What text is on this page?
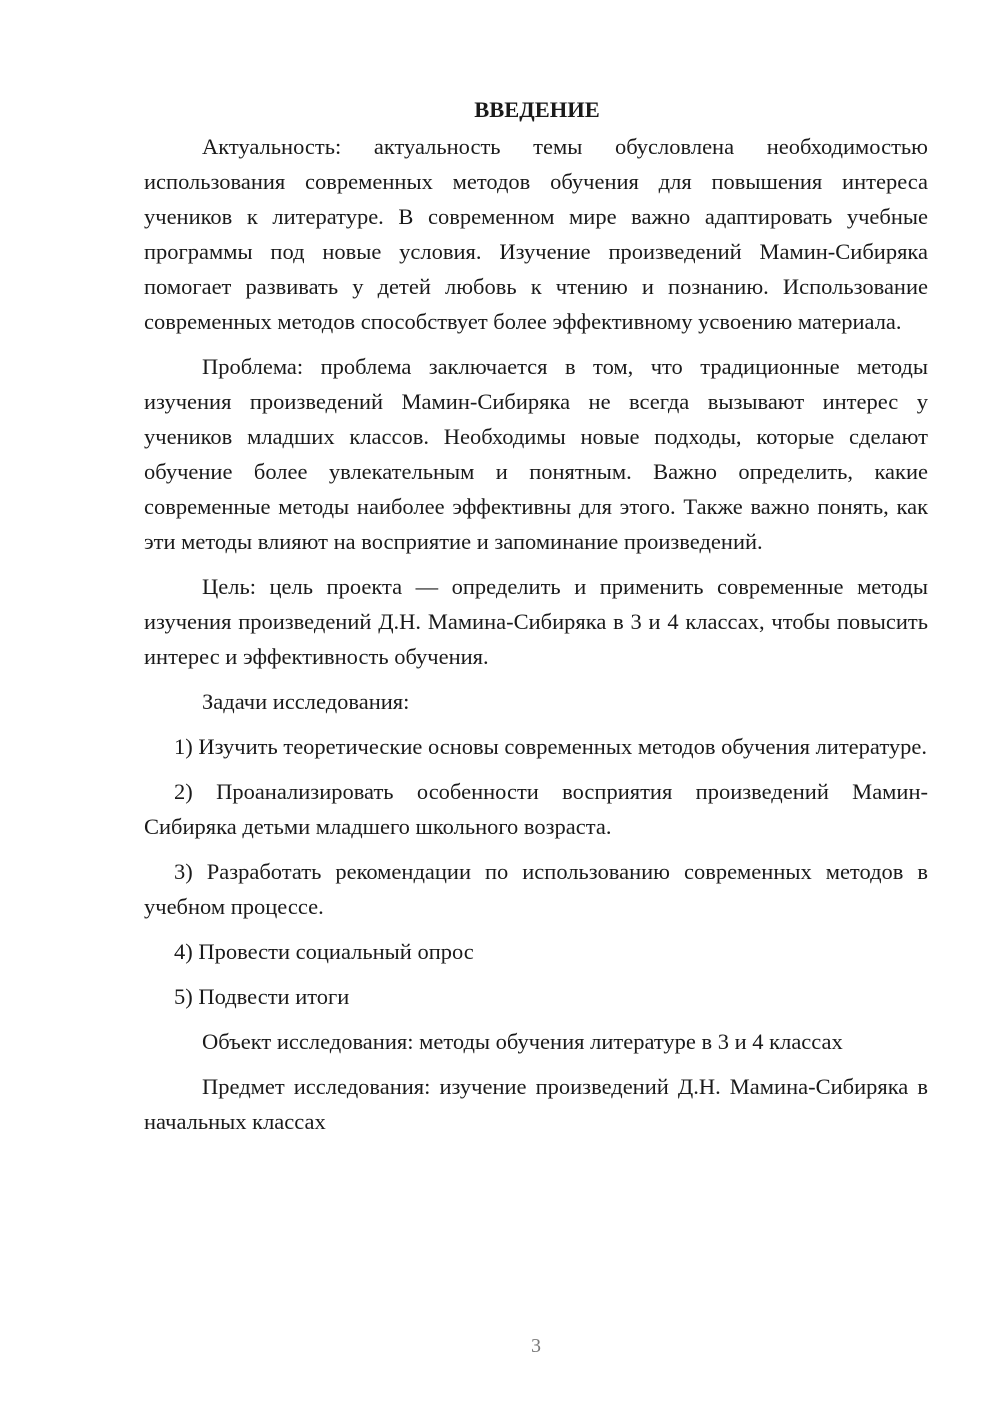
ВВЕДЕНИЕ

Актуальность: актуальность темы обусловлена необходимостью использования современных методов обучения для повышения интереса учеников к литературе. В современном мире важно адаптировать учебные программы под новые условия. Изучение произведений Мамин-Сибиряка помогает развивать у детей любовь к чтению и познанию. Использование современных методов способствует более эффективному усвоению материала.

Проблема: проблема заключается в том, что традиционные методы изучения произведений Мамин-Сибиряка не всегда вызывают интерес у учеников младших классов. Необходимы новые подходы, которые сделают обучение более увлекательным и понятным. Важно определить, какие современные методы наиболее эффективны для этого. Также важно понять, как эти методы влияют на восприятие и запоминание произведений.

Цель: цель проекта — определить и применить современные методы изучения произведений Д.Н. Мамина-Сибиряка в 3 и 4 классах, чтобы повысить интерес и эффективность обучения.

Задачи исследования:

1) Изучить теоретические основы современных методов обучения литературе.

2) Проанализировать особенности восприятия произведений Мамин-Сибиряка детьми младшего школьного возраста.

3) Разработать рекомендации по использованию современных методов в учебном процессе.

4) Провести социальный опрос

5) Подвести итоги

Объект исследования: методы обучения литературе в 3 и 4 классах

Предмет исследования: изучение произведений Д.Н. Мамина-Сибиряка в начальных классах

3
